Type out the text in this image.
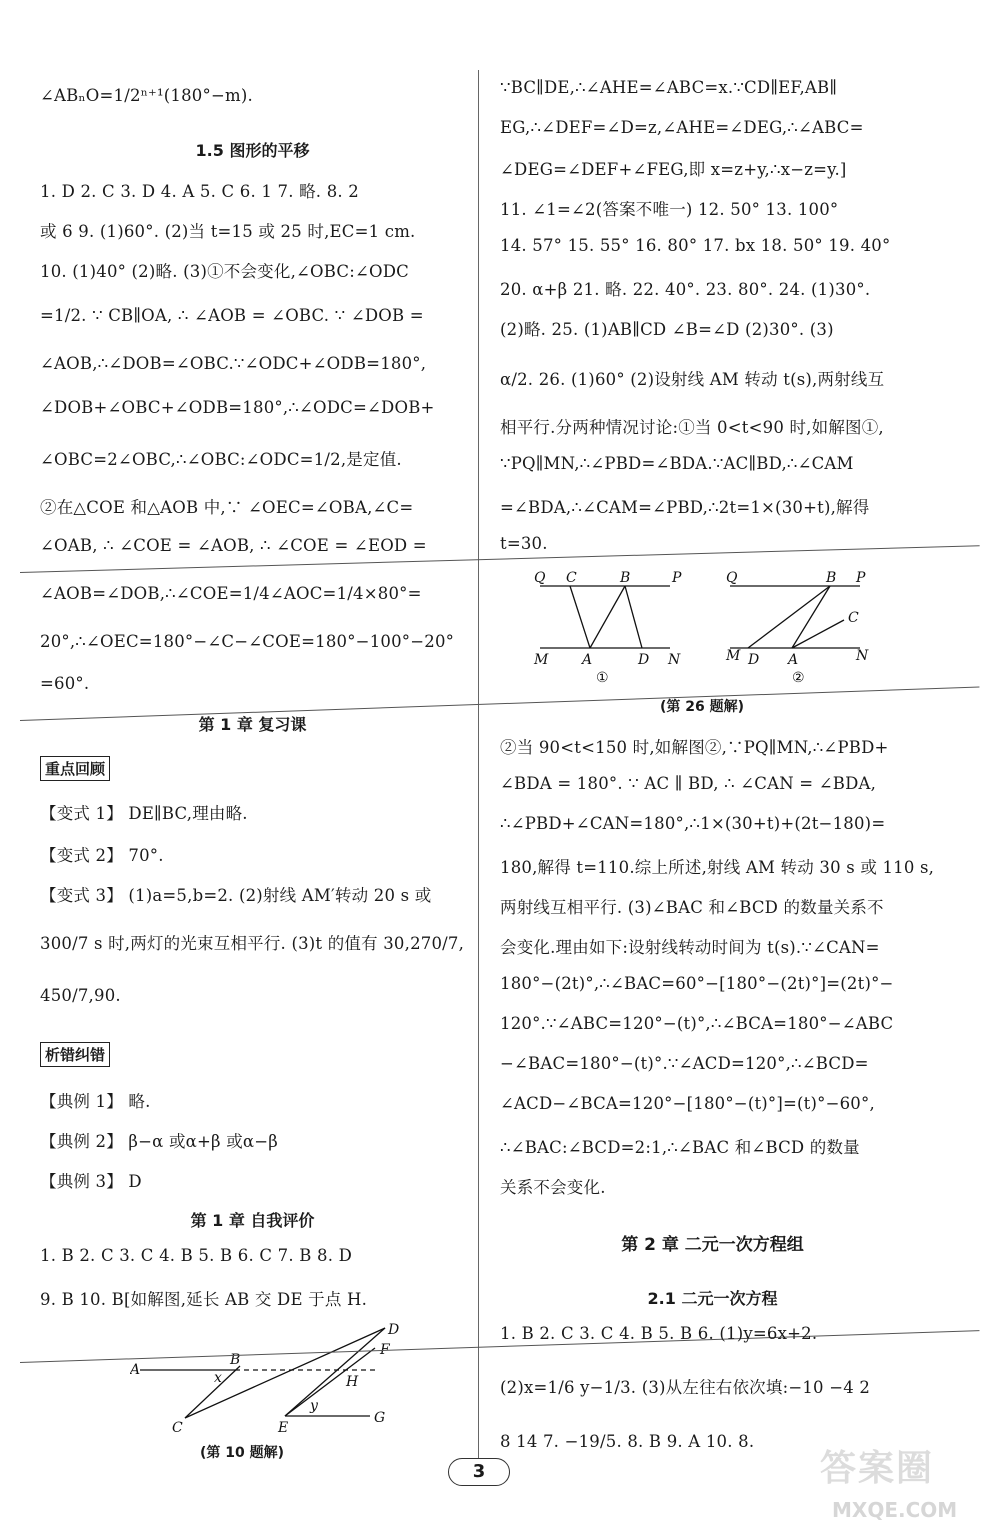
∠ABₙO=1/2ⁿ⁺¹(180°−m).
1.5 图形的平移
1. D 2. C 3. D 4. A 5. C 6. 1 7. 略. 8. 2
或 6 9. (1)60°. (2)当 t=15 或 25 时,EC=1 cm.
10. (1)40° (2)略. (3)①不会变化,∠OBC:∠ODC
=1/2. ∵ CB∥OA, ∴ ∠AOB = ∠OBC. ∵ ∠DOB =
∠AOB,∴∠DOB=∠OBC.∵∠ODC+∠ODB=180°,
∠DOB+∠OBC+∠ODB=180°,∴∠ODC=∠DOB+
∠OBC=2∠OBC,∴∠OBC:∠ODC=1/2,是定值.
②在△COE 和△AOB 中,∵ ∠OEC=∠OBA,∠C=
∠OAB, ∴ ∠COE = ∠AOB, ∴ ∠COE = ∠EOD =
∠AOB=∠DOB,∴∠COE=1/4∠AOC=1/4×80°=
20°,∴∠OEC=180°−∠C−∠COE=180°−100°−20°
=60°.
第 1 章 复习课
重点回顾
【变式 1】 DE∥BC,理由略.
【变式 2】 70°.
【变式 3】 (1)a=5,b=2. (2)射线 AM′转动 20 s 或
300/7 s 时,两灯的光束互相平行. (3)t 的值有 30,270/7,
450/7,90.
析错纠错
【典例 1】 略.
【典例 2】 β−α 或α+β 或α−β
【典例 3】 D
第 1 章 自我评价
1. B 2. C 3. C 4. B 5. B 6. C 7. B 8. D
9. B 10. B[如解图,延长 AB 交 DE 于点 H.
A
B
D
x	H
y
C	E
G
(第 10 题解)
∵BC∥DE,∴∠AHE=∠ABC=x.∵CD∥EF,AB∥
EG,∴∠DEF=∠D=z,∠AHE=∠DEG,∴∠ABC=
∠DEG=∠DEF+∠FEG,即 x=z+y,∴x−z=y.]
11. ∠1=∠2(答案不唯一) 12. 50° 13. 100°
14. 57° 15. 55° 16. 80° 17. bx 18. 50° 19. 40°
20. α+β 21. 略. 22. 40°. 23. 80°. 24. (1)30°.
(2)略. 25. (1)AB∥CD ∠B=∠D (2)30°. (3)
α/2. 26. (1)60° (2)设射线 AM 转动 t(s),两射线互
相平行.分两种情况讨论:①当 0<t<90 时,如解图①,
∵PQ∥MN,∴∠PBD=∠BDA.∵AC∥BD,∴∠CAM
=∠BDA,∴∠CAM=∠PBD,∴2t=1×(30+t),解得
t=30.
Q C	B	P
M A	D N
①
Q	B P
C
M D A	N
②
(第 26 题解)
②当 90<t<150 时,如解图②,∵PQ∥MN,∴∠PBD+
∠BDA = 180°. ∵ AC ∥ BD, ∴ ∠CAN = ∠BDA,
∴∠PBD+∠CAN=180°,∴1×(30+t)+(2t−180)=
180,解得 t=110.综上所述,射线 AM 转动 30 s 或 110 s,
两射线互相平行. (3)∠BAC 和∠BCD 的数量关系不
会变化.理由如下:设射线转动时间为 t(s).∵∠CAN=
180°−(2t)°,∴∠BAC=60°−[180°−(2t)°]=(2t)°−
120°.∵∠ABC=120°−(t)°,∴∠BCA=180°−∠ABC
−∠BAC=180°−(t)°.∵∠ACD=120°,∴∠BCD=
∠ACD−∠BCA=120°−[180°−(t)°]=(t)°−60°,
∴∠BAC:∠BCD=2:1,∴∠BAC 和∠BCD 的数量
关系不会变化.
第 2 章 二元一次方程组
2.1 二元一次方程
1. B 2. C 3. C 4. B 5. B 6. (1)y=6x+2.
(2)x=1/6 y−1/3. (3)从左往右依次填:−10 −4 2
8 14 7. −19/5. 8. B 9. A 10. 8.
3	答案圈
MXQE.COM
